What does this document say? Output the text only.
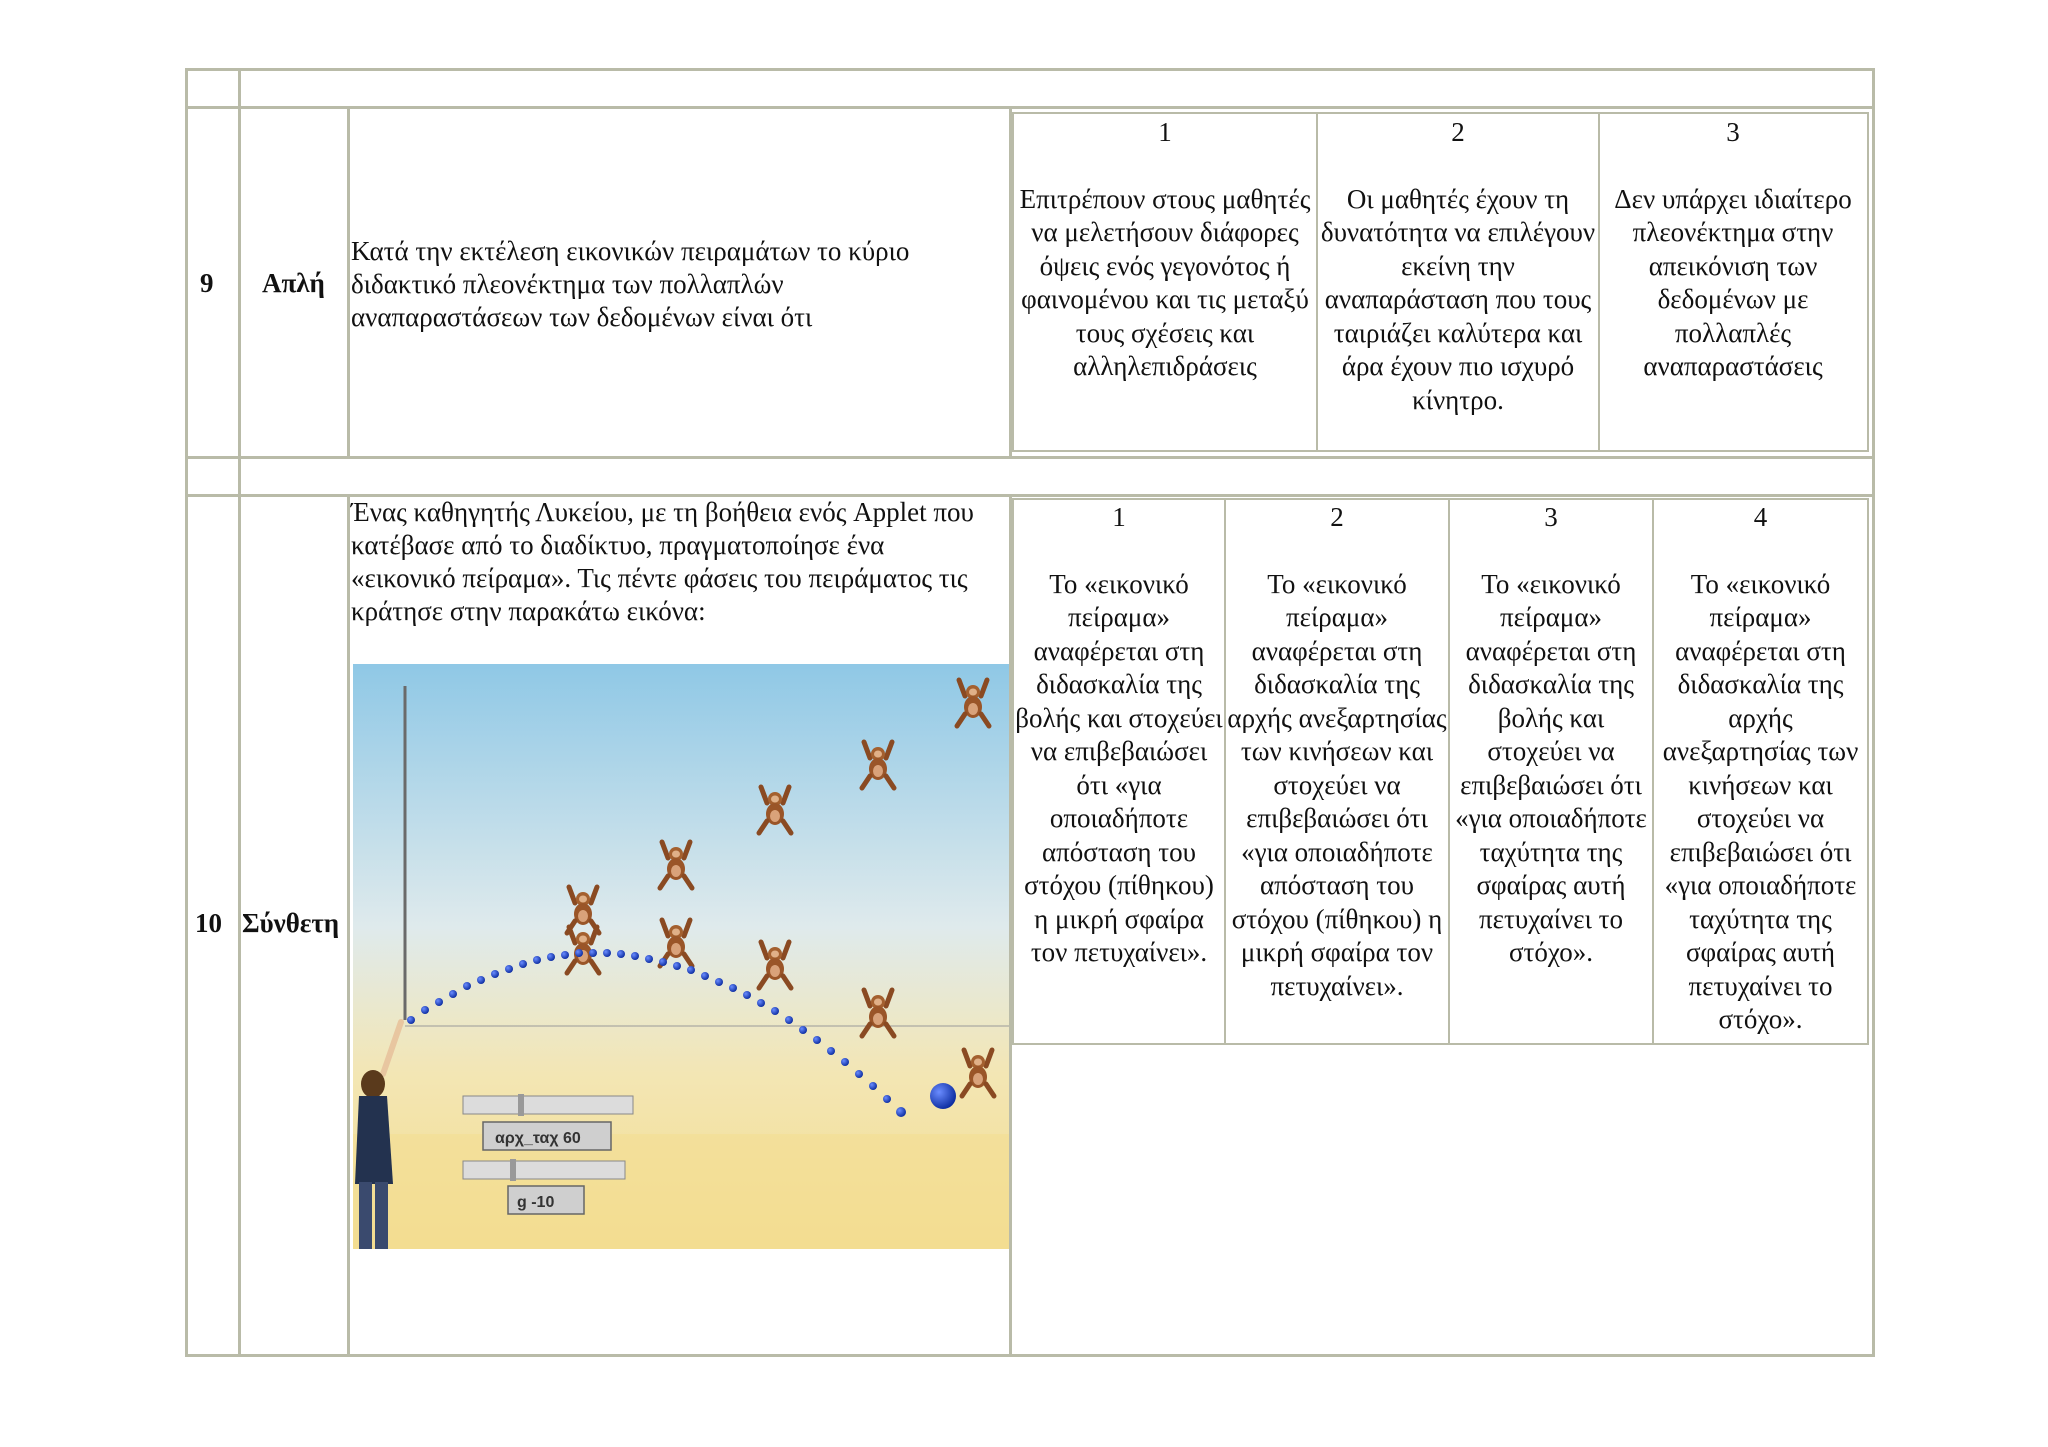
9 Απλή
Κατά την εκτέλεση εικονικών πειραμάτων το κύριο διδακτικό πλεονέκτημα των πολλαπλών αναπαραστάσεων των δεδομένων είναι ότι
1
Επιτρέπουν στους μαθητές να μελετήσουν διάφορες όψεις ενός γεγονότος ή φαινομένου και τις μεταξύ τους σχέσεις και αλληλεπιδράσεις
2
Οι μαθητές έχουν τη δυνατότητα να επιλέγουν εκείνη την αναπαράσταση που τους ταιριάζει καλύτερα και άρα έχουν πιο ισχυρό κίνητρο.
3
Δεν υπάρχει ιδιαίτερο πλεονέκτημα στην απεικόνιση των δεδομένων με πολλαπλές αναπαραστάσεις
10 Σύνθετη
Ένας καθηγητής Λυκείου, με τη βοήθεια ενός Applet που κατέβασε από το διαδίκτυο, πραγματοποίησε ένα «εικονικό πείραμα». Τις πέντε φάσεις του πειράματος τις κράτησε στην παρακάτω εικόνα:
αρχ_ταχ 60
g -10
1
Το «εικονικό πείραμα» αναφέρεται στη διδασκαλία της βολής και στοχεύει να επιβεβαιώσει ότι «για οποιαδήποτε απόσταση του στόχου (πίθηκου) η μικρή σφαίρα τον πετυχαίνει».
2
Το «εικονικό πείραμα» αναφέρεται στη διδασκαλία της αρχής ανεξαρτησίας των κινήσεων και στοχεύει να επιβεβαιώσει ότι «για οποιαδήποτε απόσταση του στόχου (πίθηκου) η μικρή σφαίρα τον πετυχαίνει».
3
Το «εικονικό πείραμα» αναφέρεται στη διδασκαλία της βολής και στοχεύει να επιβεβαιώσει ότι «για οποιαδήποτε ταχύτητα της σφαίρας αυτή πετυχαίνει το στόχο».
4
Το «εικονικό πείραμα» αναφέρεται στη διδασκαλία της αρχής ανεξαρτησίας των κινήσεων και στοχεύει να επιβεβαιώσει ότι «για οποιαδήποτε ταχύτητα της σφαίρας αυτή πετυχαίνει το στόχο».
